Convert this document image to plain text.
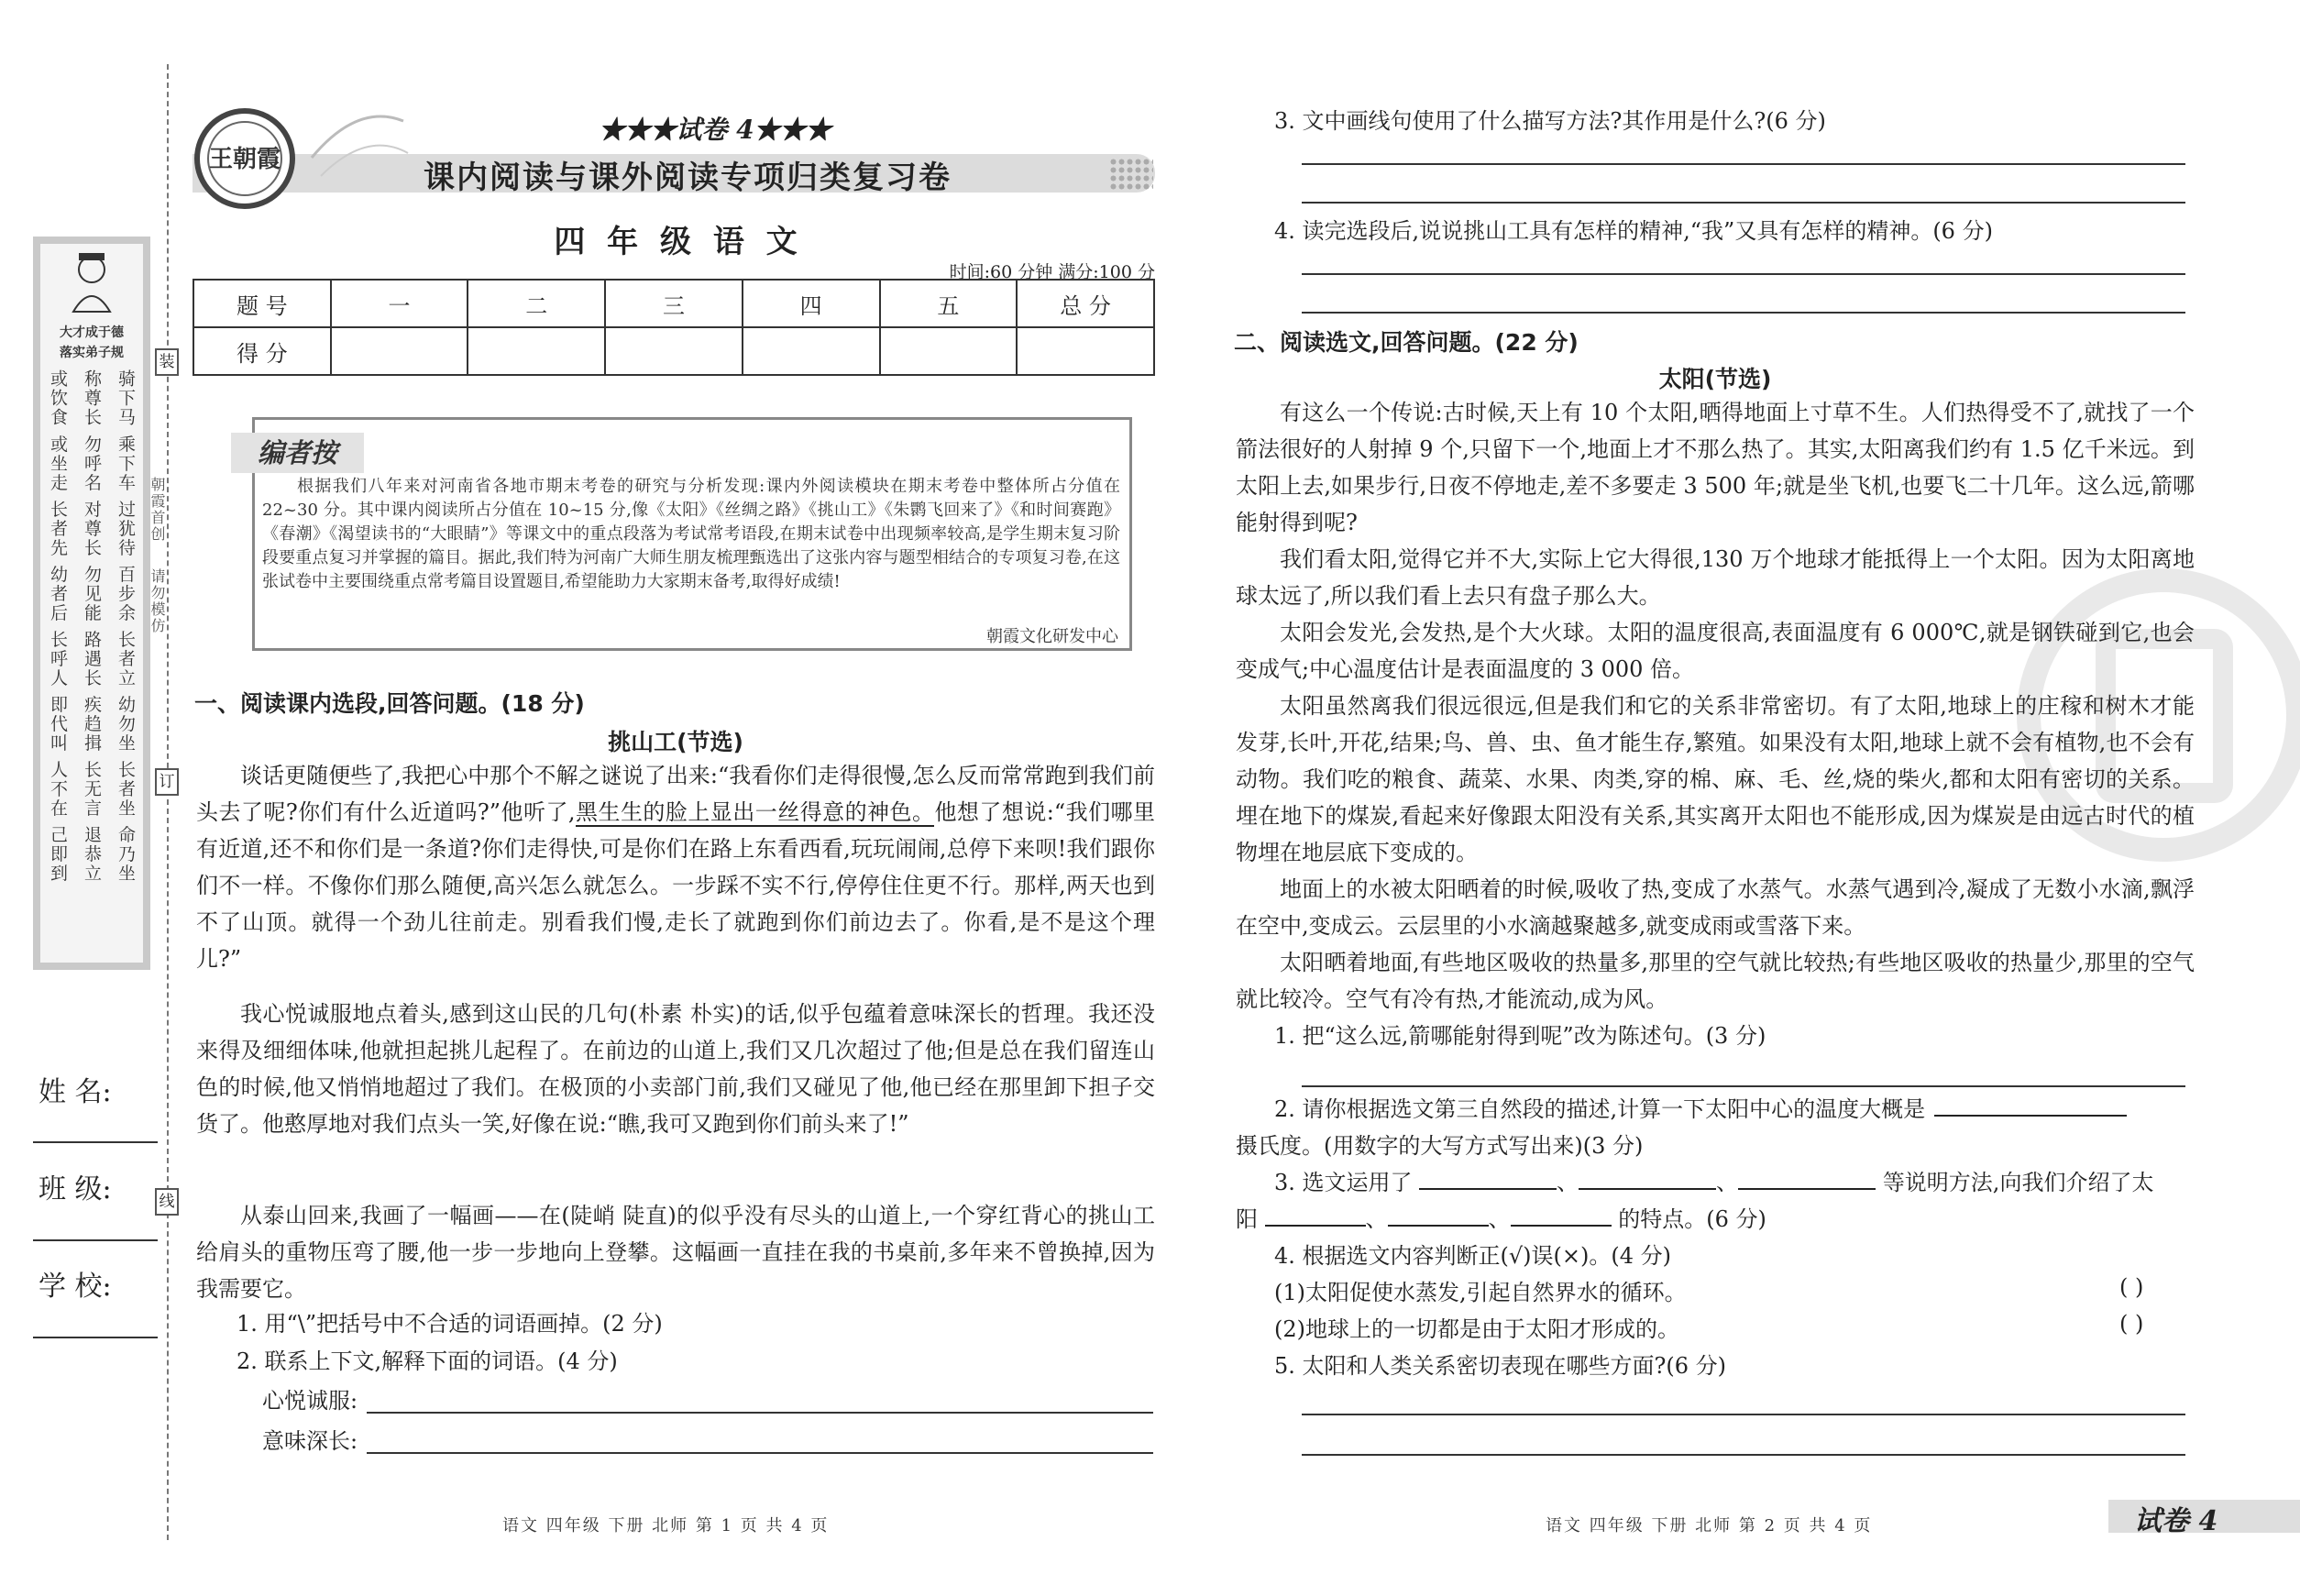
装
订
线
大才成于德
落实弟子规
或饮食 或坐走 长者先 幼者后 长呼人 即代叫 人不在 己即到
称尊长 勿呼名 对尊长 勿见能 路遇长 疾趋揖 长无言 退恭立
骑下马 乘下车 过犹待 百步余 长者立 幼勿坐 长者坐 命乃坐
朝霞首创
请勿模仿
姓 名:
班 级:
学 校:
王朝霞
★★★试卷 4★★★
课内阅读与课外阅读专项归类复习卷
四 年 级 语 文
时间:60 分钟 满分:100 分
题 号	一	二	三	四	五	总 分
得 分						
编者按
根据我们八年来对河南省各地市期末考卷的研究与分析发现:课内外阅读模块在期末考卷中整体所占分值在 22~30 分。其中课内阅读所占分值在 10~15 分,像《太阳》《丝绸之路》《挑山工》《朱鹮飞回来了》《和时间赛跑》《春潮》《渴望读书的“大眼睛”》等课文中的重点段落为考试常考语段,在期末试卷中出现频率较高,是学生期末复习阶段要重点复习并掌握的篇目。据此,我们特为河南广大师生朋友梳理甄选出了这张内容与题型相结合的专项复习卷,在这张试卷中主要围绕重点常考篇目设置题目,希望能助力大家期末备考,取得好成绩!
朝霞文化研发中心
一、阅读课内选段,回答问题。(18 分)
挑山工(节选)
谈话更随便些了,我把心中那个不解之谜说了出来:“我看你们走得很慢,怎么反而常常跑到我们前头去了呢?你们有什么近道吗?”他听了,黑生生的脸上显出一丝得意的神色。他想了想说:“我们哪里有近道,还不和你们是一条道?你们走得快,可是你们在路上东看西看,玩玩闹闹,总停下来呗!我们跟你们不一样。不像你们那么随便,高兴怎么就怎么。一步踩不实不行,停停住住更不行。那样,两天也到不了山顶。就得一个劲儿往前走。别看我们慢,走长了就跑到你们前边去了。你看,是不是这个理儿?”
我心悦诚服地点着头,感到这山民的几句(朴素 朴实)的话,似乎包蕴着意味深长的哲理。我还没来得及细细体味,他就担起挑儿起程了。在前边的山道上,我们又几次超过了他;但是总在我们留连山色的时候,他又悄悄地超过了我们。在极顶的小卖部门前,我们又碰见了他,他已经在那里卸下担子交货了。他憨厚地对我们点头一笑,好像在说:“瞧,我可又跑到你们前头来了!”
从泰山回来,我画了一幅画——在(陡峭 陡直)的似乎没有尽头的山道上,一个穿红背心的挑山工给肩头的重物压弯了腰,他一步一步地向上登攀。这幅画一直挂在我的书桌前,多年来不曾换掉,因为我需要它。
1. 用“\”把括号中不合适的词语画掉。(2 分)
2. 联系上下文,解释下面的词语。(4 分)
心悦诚服:
意味深长:
语文 四年级 下册 北师 第 1 页 共 4 页
3. 文中画线句使用了什么描写方法?其作用是什么?(6 分)
4. 读完选段后,说说挑山工具有怎样的精神,“我”又具有怎样的精神。(6 分)
二、阅读选文,回答问题。(22 分)
太阳(节选)
有这么一个传说:古时候,天上有 10 个太阳,晒得地面上寸草不生。人们热得受不了,就找了一个箭法很好的人射掉 9 个,只留下一个,地面上才不那么热了。其实,太阳离我们约有 1.5 亿千米远。到太阳上去,如果步行,日夜不停地走,差不多要走 3 500 年;就是坐飞机,也要飞二十几年。这么远,箭哪能射得到呢?
我们看太阳,觉得它并不大,实际上它大得很,130 万个地球才能抵得上一个太阳。因为太阳离地球太远了,所以我们看上去只有盘子那么大。
太阳会发光,会发热,是个大火球。太阳的温度很高,表面温度有 6 000℃,就是钢铁碰到它,也会变成气;中心温度估计是表面温度的 3 000 倍。
太阳虽然离我们很远很远,但是我们和它的关系非常密切。有了太阳,地球上的庄稼和树木才能发芽,长叶,开花,结果;鸟、兽、虫、鱼才能生存,繁殖。如果没有太阳,地球上就不会有植物,也不会有动物。我们吃的粮食、蔬菜、水果、肉类,穿的棉、麻、毛、丝,烧的柴火,都和太阳有密切的关系。埋在地下的煤炭,看起来好像跟太阳没有关系,其实离开太阳也不能形成,因为煤炭是由远古时代的植物埋在地层底下变成的。
地面上的水被太阳晒着的时候,吸收了热,变成了水蒸气。水蒸气遇到冷,凝成了无数小水滴,飘浮在空中,变成云。云层里的小水滴越聚越多,就变成雨或雪落下来。
太阳晒着地面,有些地区吸收的热量多,那里的空气就比较热;有些地区吸收的热量少,那里的空气就比较冷。空气有冷有热,才能流动,成为风。
1. 把“这么远,箭哪能射得到呢”改为陈述句。(3 分)
2. 请你根据选文第三自然段的描述,计算一下太阳中心的温度大概是
摄氏度。(用数字的大写方式写出来)(3 分)
3. 选文运用了	、	、	等说明方法,向我们介绍了太
阳	、	、	的特点。(6 分)
4. 根据选文内容判断正(√)误(×)。(4 分)
(1)太阳促使水蒸发,引起自然界水的循环。	( )
(2)地球上的一切都是由于太阳才形成的。	( )
5. 太阳和人类关系密切表现在哪些方面?(6 分)
语文 四年级 下册 北师 第 2 页 共 4 页	试卷 4
